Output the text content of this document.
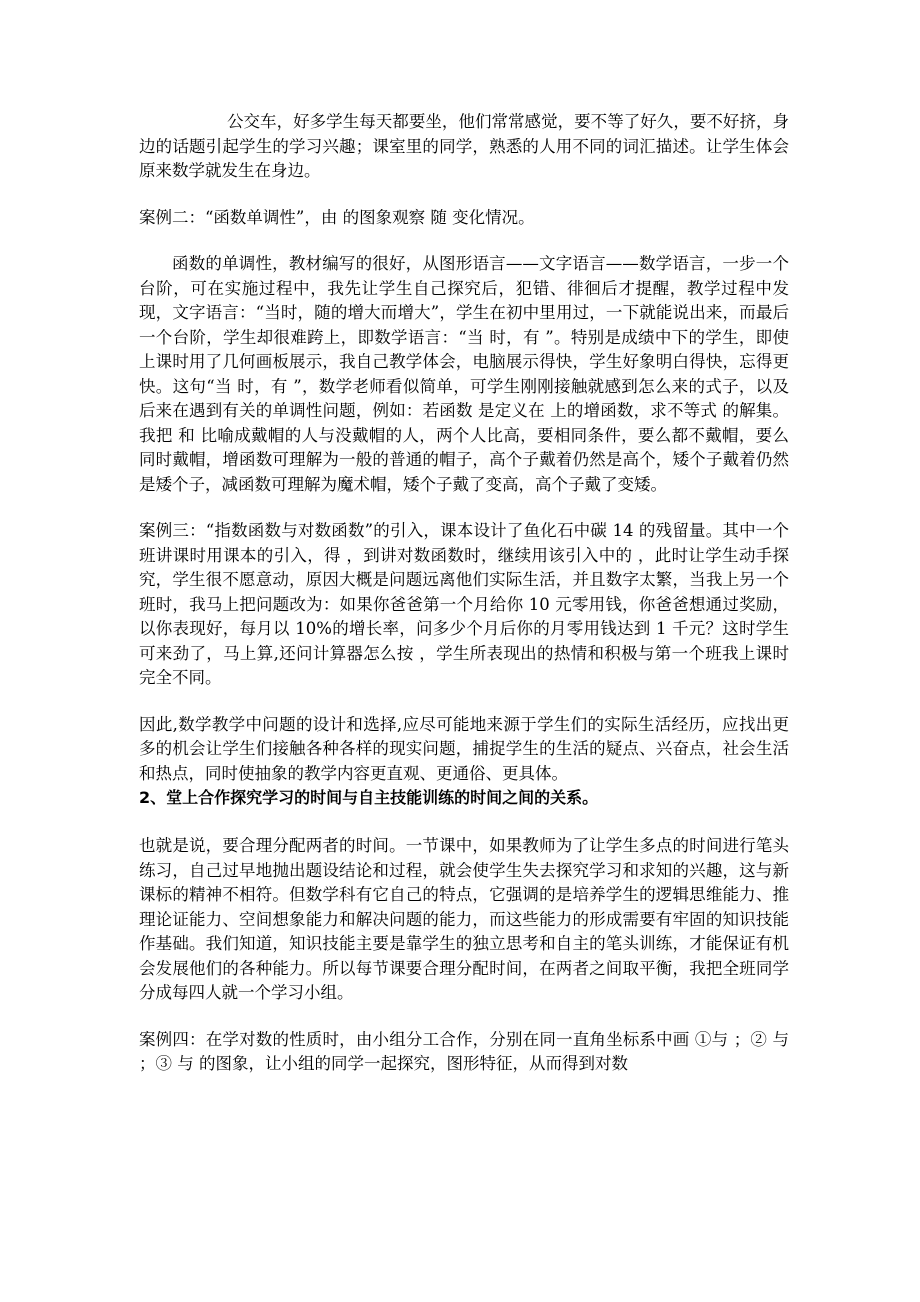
公交车，好多学生每天都要坐，他们常常感觉，要不等了好久，要不好挤，身边的话题引起学生的学习兴趣；课室里的同学，熟悉的人用不同的词汇描述。让学生体会原来数学就发生在身边。

案例二：“函数单调性”，由 的图象观察 随 变化情况。

函数的单调性，教材编写的很好，从图形语言——文字语言——数学语言，一步一个台阶，可在实施过程中，我先让学生自己探究后，犯错、徘徊后才提醒，教学过程中发现，文字语言：“当时，随的增大而增大”，学生在初中里用过，一下就能说出来，而最后一个台阶，学生却很难跨上，即数学语言：“当 时，有 ”。特别是成绩中下的学生，即使上课时用了几何画板展示，我自己教学体会，电脑展示得快，学生好象明白得快，忘得更快。这句“当 时，有 ”，数学老师看似简单，可学生刚刚接触就感到怎么来的式子，以及后来在遇到有关的单调性问题，例如：若函数 是定义在 上的增函数，求不等式 的解集。我把 和 比喻成戴帽的人与没戴帽的人，两个人比高，要相同条件，要么都不戴帽，要么同时戴帽，增函数可理解为一般的普通的帽子，高个子戴着仍然是高个，矮个子戴着仍然是矮个子，减函数可理解为魔术帽，矮个子戴了变高，高个子戴了变矮。

案例三：“指数函数与对数函数”的引入，课本设计了鱼化石中碳 14 的残留量。其中一个班讲课时用课本的引入，得 ，到讲对数函数时，继续用该引入中的 ，此时让学生动手探究，学生很不愿意动，原因大概是问题远离他们实际生活，并且数字太繁，当我上另一个班时，我马上把问题改为：如果你爸爸第一个月给你 10 元零用钱，你爸爸想通过奖励，以你表现好，每月以 10%的增长率，问多少个月后你的月零用钱达到 1 千元？这时学生可来劲了，马上算,还问计算器怎么按 ，学生所表现出的热情和积极与第一个班我上课时完全不同。

因此,数学教学中问题的设计和选择,应尽可能地来源于学生们的实际生活经历，应找出更多的机会让学生们接触各种各样的现实问题，捕捉学生的生活的疑点、兴奋点，社会生活和热点，同时使抽象的教学内容更直观、更通俗、更具体。

2、堂上合作探究学习的时间与自主技能训练的时间之间的关系。

也就是说，要合理分配两者的时间。一节课中，如果教师为了让学生多点的时间进行笔头练习，自己过早地抛出题设结论和过程，就会使学生失去探究学习和求知的兴趣，这与新课标的精神不相符。但数学科有它自己的特点，它强调的是培养学生的逻辑思维能力、推理论证能力、空间想象能力和解决问题的能力，而这些能力的形成需要有牢固的知识技能作基础。我们知道，知识技能主要是靠学生的独立思考和自主的笔头训练，才能保证有机会发展他们的各种能力。所以每节课要合理分配时间，在两者之间取平衡，我把全班同学分成每四人就一个学习小组。

案例四：在学对数的性质时，由小组分工合作，分别在同一直角坐标系中画 ①与 ；② 与 ；③ 与 的图象，让小组的同学一起探究，图形特征，从而得到对数
